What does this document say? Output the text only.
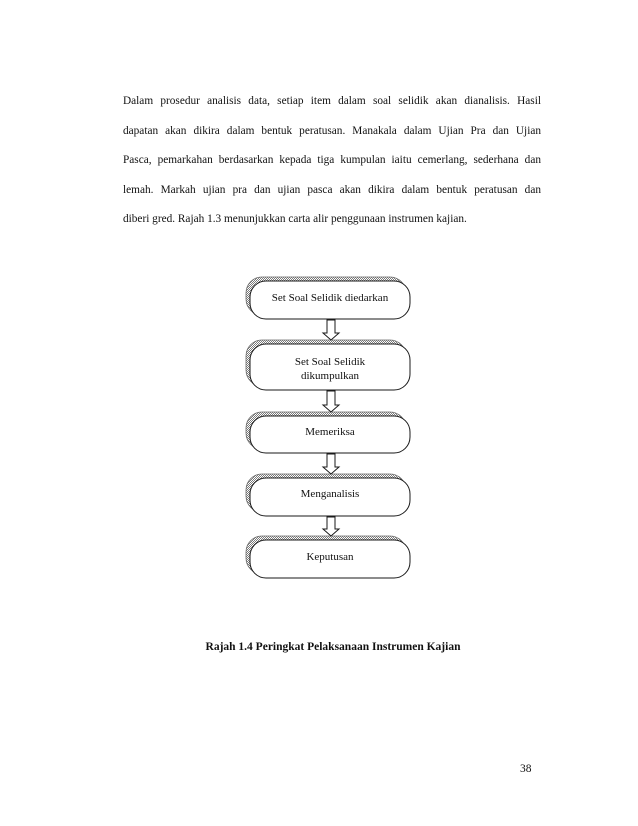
Dalam prosedur analisis data, setiap item dalam soal selidik akan dianalisis. Hasil
dapatan akan dikira dalam bentuk peratusan. Manakala dalam Ujian Pra dan Ujian
Pasca, pemarkahan berdasarkan kepada tiga kumpulan iaitu cemerlang, sederhana dan
lemah. Markah ujian pra dan ujian pasca akan dikira dalam bentuk peratusan dan
diberi gred. Rajah 1.3 menunjukkan carta alir penggunaan instrumen kajian.

Set Soal Selidik diedarkan
Set Soal Selidik
dikumpulkan
Memeriksa
Menganalisis
Keputusan

Rajah 1.4 Peringkat Pelaksanaan Instrumen Kajian

38
